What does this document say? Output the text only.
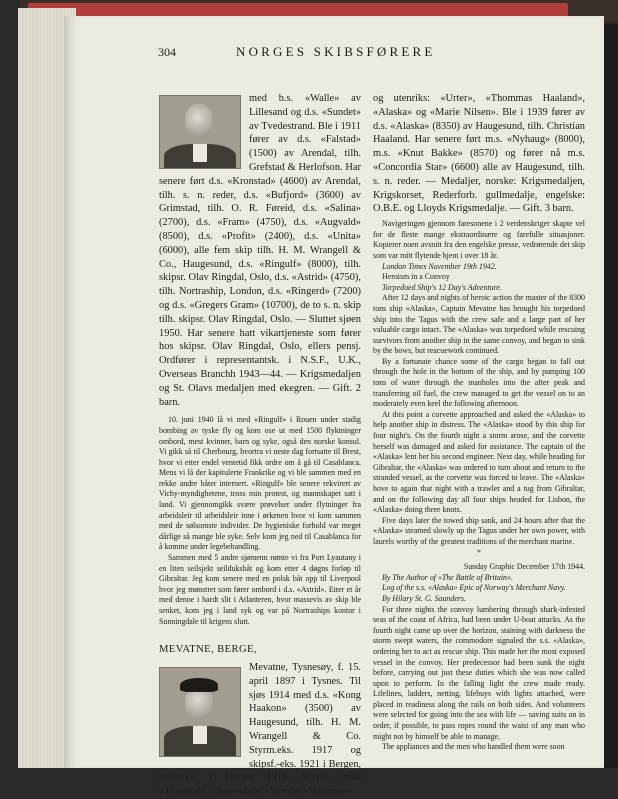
304	NORGES SKIBSFØRERE

med b.s. «Walle» av Lillesand og d.s. «Sundet» av Tvedestrand. Ble i 1911 fører av d.s. «Falstad» (1500) av Arendal, tilh. Grefstad & Herlofson. Har senere ført d.s. «Kronstad» (4600) av Arendal, tilh. s. n. reder, d.s. «Bufjord» (3600) av Grimstad, tilh. O. R. Føreid, d.s. «Salina» (2700), d.s. «Fram» (4750), d.s. «Augvald» (8500), d.s. «Profit» (2400), d.s. «Unita» (6000), alle fem skip tilh. H. M. Wrangell & Co., Haugesund, d.s. «Ringulf» (8000), tilh. skipsr. Olav Ringdal, Oslo, d.s. «Astrid» (4750), tilh. Nortraship, London, d.s. «Ringerd» (7200) og d.s. «Gregers Gram» (10700), de to s. n. skip tilh. skipsr. Olav Ringdal, Oslo. — Sluttet sjøen 1950. Har senere hatt vikartjeneste som fører hos skipsr. Olav Ringdal, Oslo, ellers pensj. Ordfører i representantsk. i N.S.F., U.K., Overseas Branchh 1943—44. — Krigsmedaljen og St. Olavs medaljen med ekegren. — Gift. 2 barn.

10. juni 1940 lå vi med «Ringulf» i Rouen under stadig bombing av tyske fly og kom ose ut med 1500 flyktninger ombord, mest kvinner, barn og syke, også den norske konsul. Vi gikk så til Cherbourg, hvortra vi neste dag fortsatte til Brest, hvor vi etter endel ventetid fikk ordre om å gå til Casablanca. Mens vi lå der kapitulerte Frankrike og vi ble sammen med en rekke andre båter internert. «Ringulf» ble senere rekvirert av Vichy-myndighetene, tross min protest, og mannskapet satt i land. Vi gjennomgikk svære prøvelser under flytninger fra arbeidsleir til arbeidsleir inne i ørkenen hvor vi kom sammen med de sølsomste individer. De hygieniske forhold var meget dårlige så mange ble syke. Selv kom jeg ned til Casablanca for å komme under legebehandling.

Sammen med 5 andre sjømenn rømte vi fra Port Lyautany i en liten seilsjekt seilduksbåt og kom etter 4 døgns forløp til Gibraltar. Jeg kom senere med en polsk båt opp til Liverpool hvor jeg mønstret som fører ombord i d.s. «Astrid». Etter et år med denne i hardt slit i Atlanteren, hvor massevis av skip ble senket, kom jeg i land syk og var på Nortraships kontor i Sunningdale til krigens slutt.

MEVATNE, BERGE,

Mevatne, Tysnesøy, f. 15. april 1897 i Tysnes. Til sjøs 1914 med d.s. «Kong Haakon» (3500) av Haugesund, tilh. H. M. Wrangell & Co. Styrm.eks. 1917 og skipsf.-eks. 1921 i Bergen, radioeks. i Horten 1919. Styrm. med «Tyssedal», «Rosendal», «Stord», «Vikingen»

og utenriks: «Urter», «Thommas Haaland», «Alaska» og «Marie Nilsen». Ble i 1939 fører av d.s. «Alaska» (8350) av Haugesund, tilh. Christian Haaland. Har senere ført m.s. «Nyhaug» (8000), m.s. «Knut Bakke» (8570) og fører nå m.s. «Concordia Star» (6600) alle av Haugesund, tilh. s. n. reder. — Medaljer, norske: Krigsmedaljen, Krigskorset, Rederforb. gullmedalje, engelske: O.B.E. og Lloyds Krigsmedalje. — Gift. 3 barn.

Navigeringen gjennom faresonene i 2 verdenskriger skapte vel for de fleste mange ekstraordinære og farefulle situasjoner. Kopierer noen avsnitt fra den engelske presse, vedrørende det skip som var mitt flytende hjem i over 18 år.

London Times November 19th 1942.

Heroism in a Convoy

Torpedoed Ship's 12 Day's Adventure.

After 12 days and nights of heroic action the master of the 8300 tons ship «Alaska», Captain Mevatne has brought his torpedoed ship into the Tagus with the crew safe and a large part of her valuable cargo intact. The «Alaska» was torpedoed while rescuing survivors from another ship in the same convoy, and began to sink by the bows, but reacuework continued.

By a fortunate chance some of the cargo began to fall out through the hole in the bottom of the ship, and by pumping 100 tons of water through the manholes into the after peak and transferring oil fuel, the crew managed to get the vessel on to an moderately even keel the following afternoon.

At this point a corvette approached and asked the «Alaska» to help another ship in distress. The «Alaska» stood by this ship for four night's. On the fourth night a storm arose, and the corvette herself was damaged and asked for assistance. The captain of the «Alaska» lent her his second engineer. Next day, while heading for Gibraltar, the «Alaska» was ordered to turn about and return to the stranded vessel, as the corvette was forced to leave. The «Alaska» hove to again that night with a trawler and a tug from Gibraltar, and on the following day all four ships headed for Lisbon, the «Alaska» doing three knots.

Five days later the towed ship sank, and 24 hours after that the «Alaska» steamed slowly up the Tagus under her own power, with laurels worthy of the greatest traditions of the merchant marine.

*

Sunday Graphic December 17th 1944.

By The Author of «The Battle of Britain».

Log of the s.s. «Alaska» Epic of Norway's Merchant Navy.

By Hilary St. G. Saunders.

For three nights the convoy lumbering through shark-infested seas of the coast of Africa, had been under U-boat attacks. As the fourth night came up over the horizon, staining with darkness the storm swept waters, the commodore signaled the s.s. «Alaska», ordering her to act as rescue ship. This made her the most exposed vessel in the convoy. Her predecessor had been sunk the night before, carrying out just these duties which she was now called upon to perform. In the falling light the crew made ready. Lifelines, ladders, netting, lifebuys with lights attached, were placed in readiness along the rails on both sides. And volunteers were selected for going into the sea with life — saving suits on in order, if possible, to pass ropes round the waist of any man who might not by himself be able to manage.

The appliances and the men who handled them were soon
